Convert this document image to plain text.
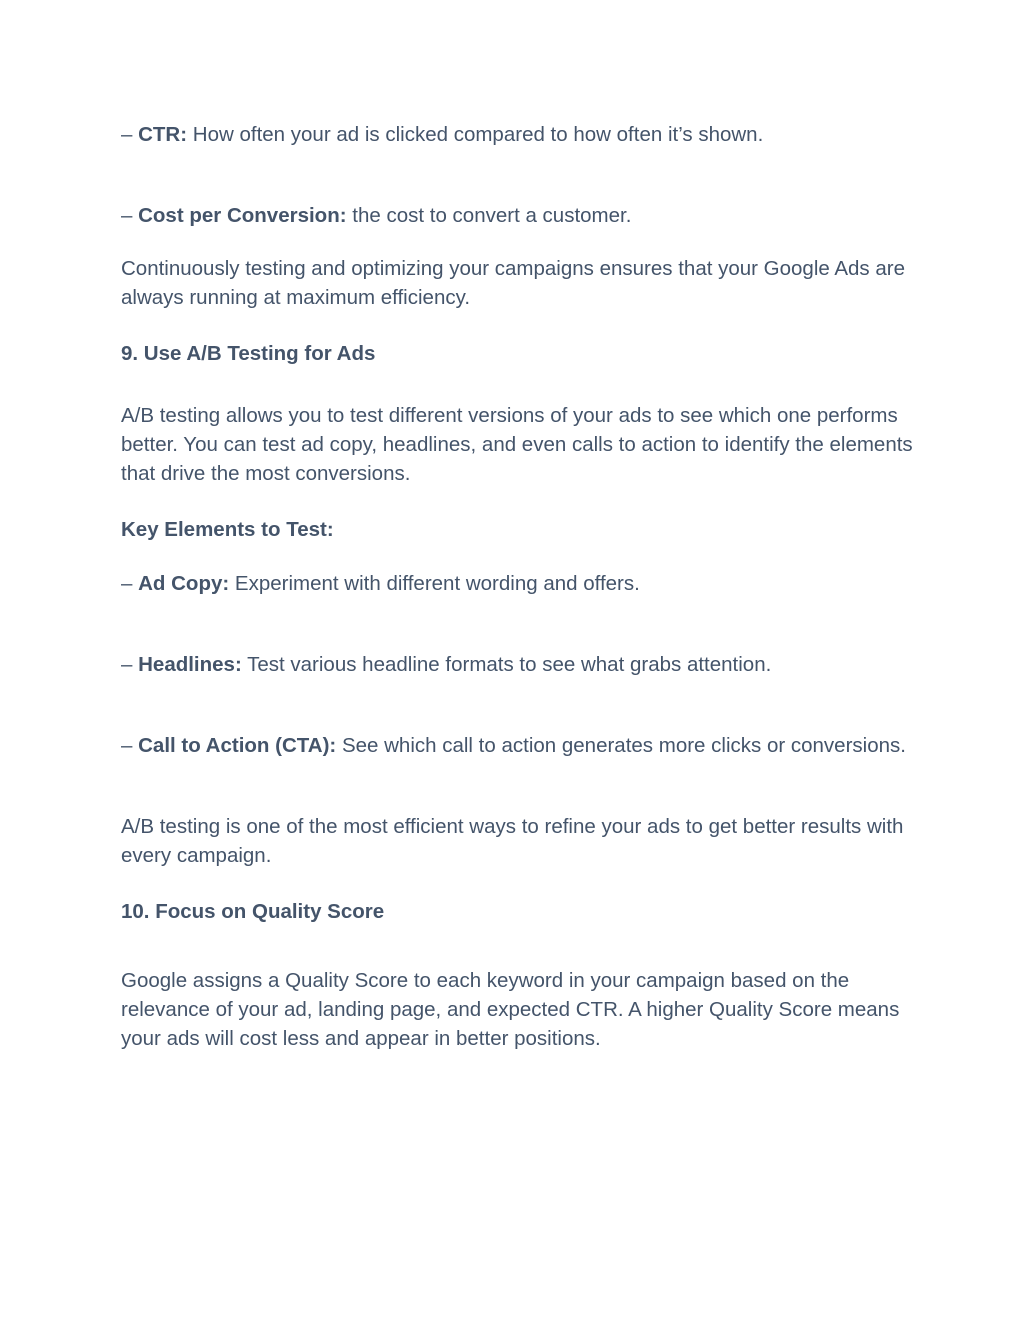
– CTR: How often your ad is clicked compared to how often it’s shown.

– Cost per Conversion: the cost to convert a customer.

Continuously testing and optimizing your campaigns ensures that your Google Ads are always running at maximum efficiency.

9. Use A/B Testing for Ads

A/B testing allows you to test different versions of your ads to see which one performs better. You can test ad copy, headlines, and even calls to action to identify the elements that drive the most conversions.

Key Elements to Test:

– Ad Copy: Experiment with different wording and offers.

– Headlines: Test various headline formats to see what grabs attention.

– Call to Action (CTA): See which call to action generates more clicks or conversions.

A/B testing is one of the most efficient ways to refine your ads to get better results with every campaign.

10. Focus on Quality Score

Google assigns a Quality Score to each keyword in your campaign based on the relevance of your ad, landing page, and expected CTR. A higher Quality Score means your ads will cost less and appear in better positions.
